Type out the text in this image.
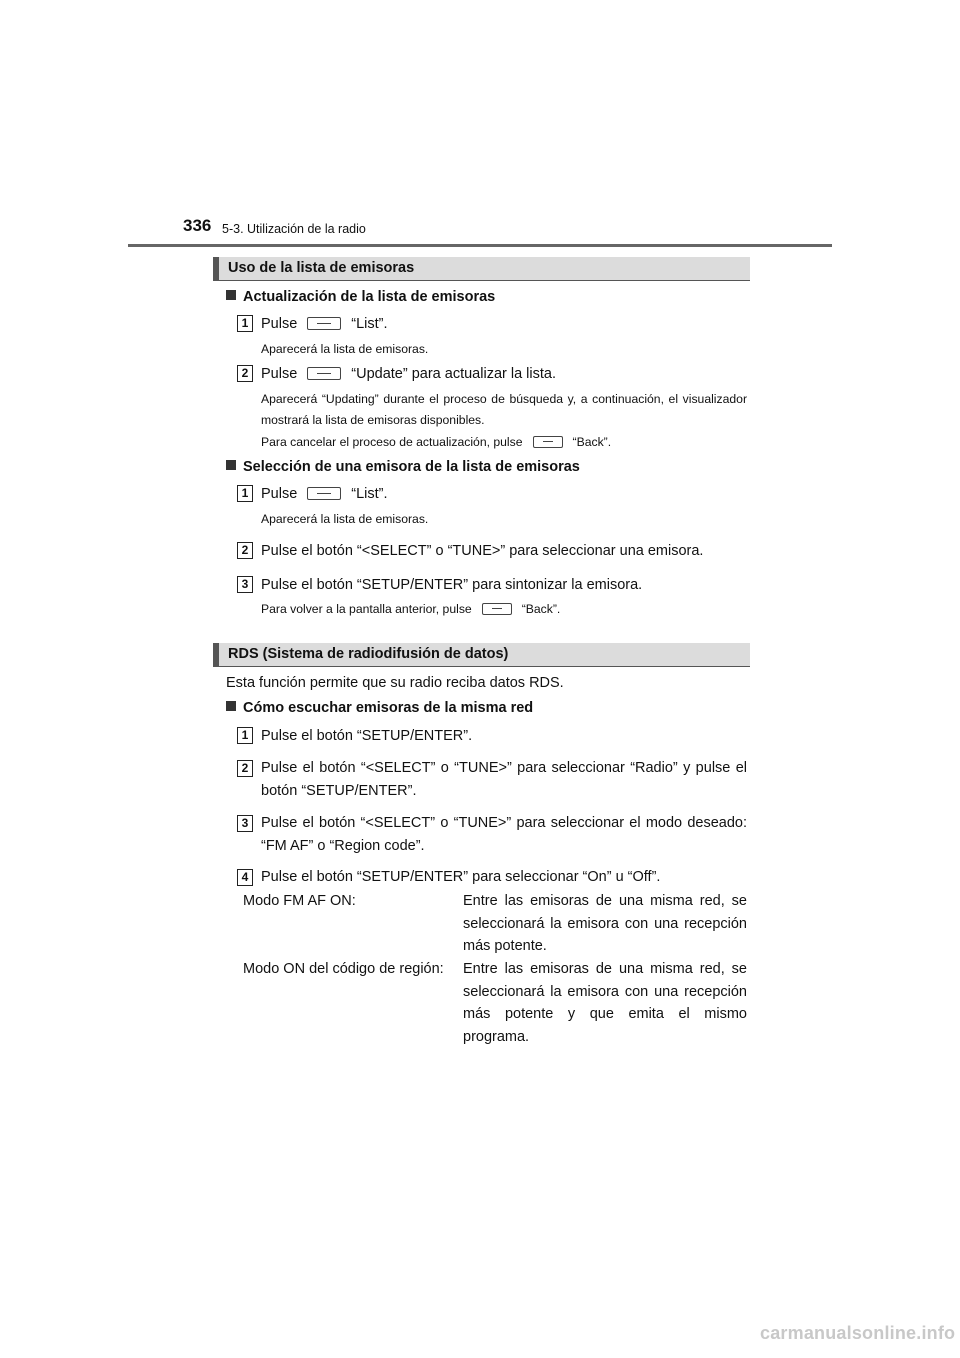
336 5-3. Utilización de la radio
Uso de la lista de emisoras
Actualización de la lista de emisoras
1 Pulse	“List”.
Aparecerá la lista de emisoras.
2 Pulse	“Update” para actualizar la lista.
Aparecerá “Updating” durante el proceso de búsqueda y, a continuación, el visualizador mostrará la lista de emisoras disponibles.
Para cancelar el proceso de actualización, pulse	“Back”.
Selección de una emisora de la lista de emisoras
1 Pulse	“List”.
Aparecerá la lista de emisoras.
2 Pulse el botón “<SELECT” o “TUNE>” para seleccionar una emisora.
3 Pulse el botón “SETUP/ENTER” para sintonizar la emisora.
Para volver a la pantalla anterior, pulse	“Back”.
RDS (Sistema de radiodifusión de datos)
Esta función permite que su radio reciba datos RDS.
Cómo escuchar emisoras de la misma red
1 Pulse el botón “SETUP/ENTER”.
2 Pulse el botón “<SELECT” o “TUNE>” para seleccionar “Radio” y pulse el botón “SETUP/ENTER”.
3 Pulse el botón “<SELECT” o “TUNE>” para seleccionar el modo deseado: “FM AF” o “Region code”.
4 Pulse el botón “SETUP/ENTER” para seleccionar “On” u “Off”.
Modo FM AF ON:	Entre las emisoras de una misma red, se seleccionará la emisora con una recepción más potente.
Modo ON del código de región: Entre las emisoras de una misma red, se seleccionará la emisora con una recepción más potente y que emita el mismo programa.
carmanualsonline.info
